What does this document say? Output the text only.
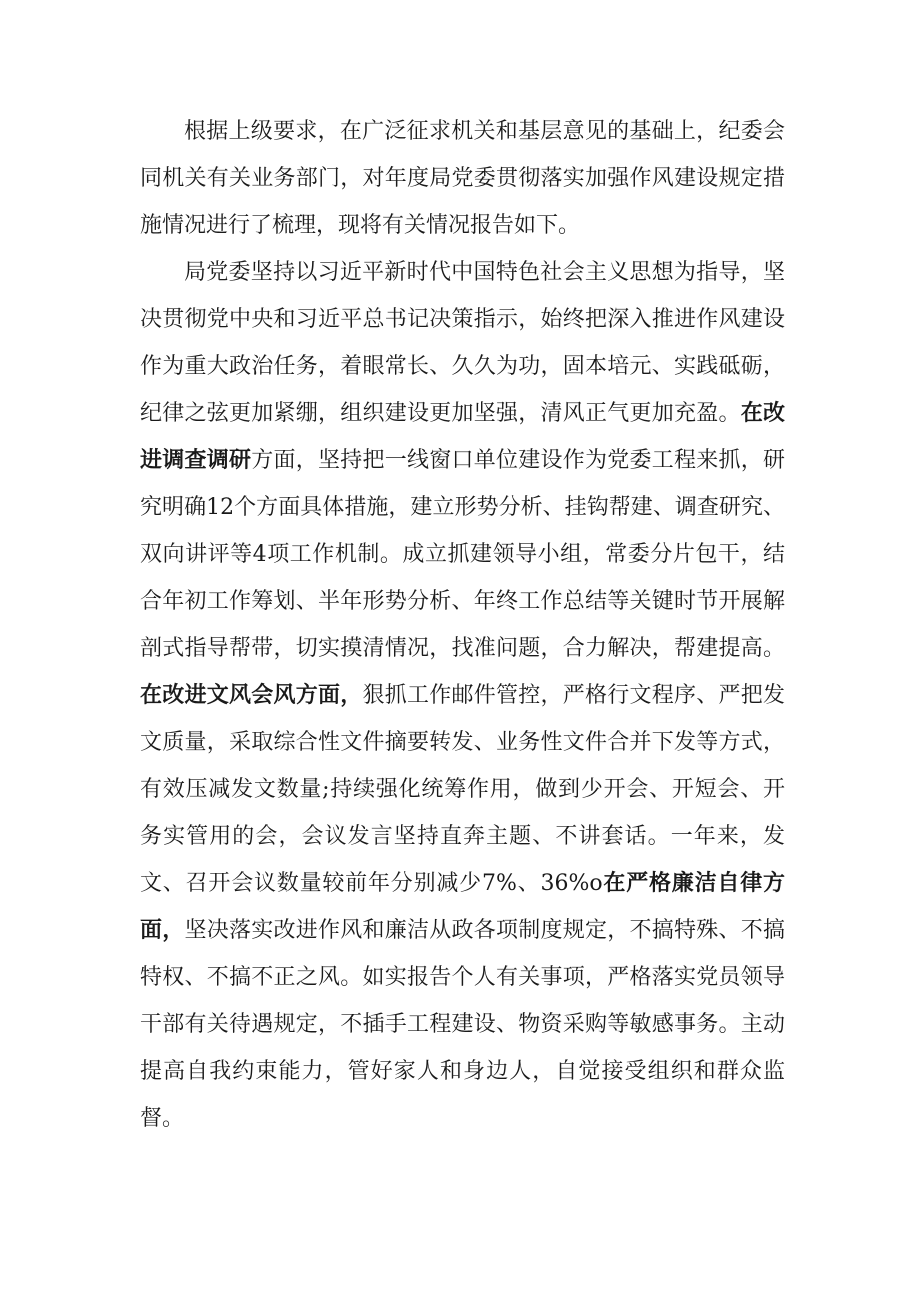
根据上级要求，在广泛征求机关和基层意见的基础上，纪委会同机关有关业务部门，对年度局党委贯彻落实加强作风建设规定措施情况进行了梳理，现将有关情况报告如下。

局党委坚持以习近平新时代中国特色社会主义思想为指导，坚决贯彻党中央和习近平总书记决策指示，始终把深入推进作风建设作为重大政治任务，着眼常长、久久为功，固本培元、实践砥砺，纪律之弦更加紧绷，组织建设更加坚强，清风正气更加充盈。在改进调查调研方面，坚持把一线窗口单位建设作为党委工程来抓，研究明确12个方面具体措施，建立形势分析、挂钩帮建、调查研究、双向讲评等4项工作机制。成立抓建领导小组，常委分片包干，结合年初工作筹划、半年形势分析、年终工作总结等关键时节开展解剖式指导帮带，切实摸清情况，找准问题，合力解决，帮建提高。在改进文风会风方面，狠抓工作邮件管控，严格行文程序、严把发文质量，采取综合性文件摘要转发、业务性文件合并下发等方式，有效压减发文数量;持续强化统筹作用，做到少开会、开短会、开务实管用的会，会议发言坚持直奔主题、不讲套话。一年来，发文、召开会议数量较前年分别减少7%、36%o在严格廉洁自律方面，坚决落实改进作风和廉洁从政各项制度规定，不搞特殊、不搞特权、不搞不正之风。如实报告个人有关事项，严格落实党员领导干部有关待遇规定，不插手工程建设、物资采购等敏感事务。主动提高自我约束能力，管好家人和身边人，自觉接受组织和群众监督。
